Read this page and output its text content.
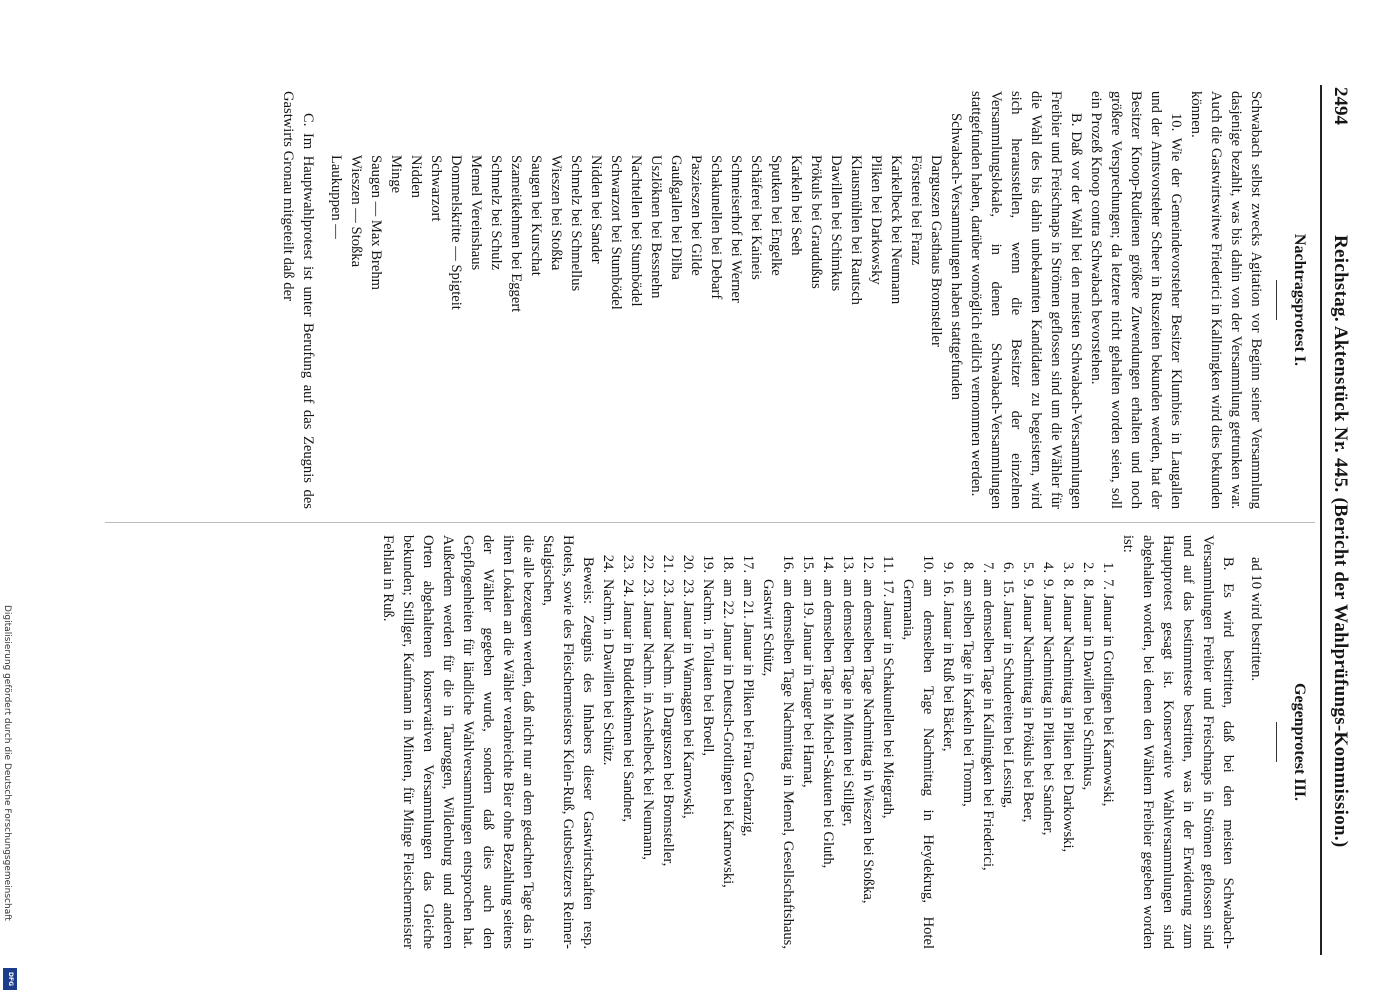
2494
Reichstag. Aktenstück Nr. 445. (Bericht der Wahlprüfungs-Kommission.)
Nachtragsprotest I.

Schwabach selbst zwecks Agitation vor Beginn seiner Versammlung dasjenige bezahlt, was bis dahin von der Versammlung getrunken war. Auch die Gastwirtswitwe Friederici in Kallningken wird dies bekunden können.

10. Wie der Gemeindevorsteher Besitzer Klumbies in Laugallen und der Amtsvorsteher Scheer in Ruszeiten bekunden werden, hat der Besitzer Knoop-Rudienen größere Zuwendungen erhalten und noch größere Versprechungen; da letztere nicht gehalten worden seien, soll ein Prozeß Knoop contra Schwabach bevorstehen.

B. Daß vor der Wahl bei den meisten Schwabach-Versammlungen Freibier und Freischnaps in Strömen geflossen sind um die Wähler für die Wahl des bis dahin unbekannten Kandidaten zu begeistern, wird sich herausstellen, wenn die Besitzer der einzelnen Versammlungslokale, in denen Schwabach-Versammlungen stattgefunden haben, darüber womöglich eidlich vernommen werden.

Schwabach-Versammlungen haben stattgefunden

Darguszen Gasthaus Bromsteller
Försterei bei Franz
Karkelbeck bei Neumann
Pliken bei Darkowsky
Klausmühlen bei Rautsch
Dawillen bei Schimkus
Prökuls bei Graudußus
Karkeln bei Seeh
Sputken bei Engelke
Schäferei bei Kaineis
Schmeiserhof bei Werner
Schakunellen bei Debarf
Paszieszen bei Gilde
Gaußgallen bei Dilba
Uszlöknen bei Bessnehn
Nachtellen bei Stumbödel
Schwarzort bei Stumbödel
Nidden bei Sander
Schmelz bei Schmellus
Wieszen bei Stoßka
Saugen bei Kurschat
Szameitkehmen bei Eggert
Schmelz bei Schulz
Memel Vereinshaus
Dommelskritte — Spigteit
Schwarzort
Nidden
Minge
Saugen — Max Brehm
Wieszen — Stoßka
Laukuppen —

C. Im Hauptwahlprotest ist unter Berufung auf das Zeugnis des Gastwirts Gronau mitgeteilt daß der

Gegenprotest III.

ad 10 wird bestritten.

B. Es wird bestritten, daß bei den meisten Schwabach-Versammlungen Freibier und Freischnaps in Strömen geflossen sind und auf das bestimmteste bestritten, was in der Erwiderung zum Hauptprotest gesagt ist. Konservative Wahlversammlungen sind abgehalten worden, bei denen den Wählern Freibier gegeben worden ist:

1.
7. Januar in Grotlingen bei Karnowski,
2.
8. Januar in Dawillen bei Schimkus,
3.
8. Januar Nachmittag in Pliken bei Darkowski,
4.
9. Januar Nachmittag in Pliken bei Sandner,
5.
9. Januar Nachmittag in Prökuls bei Beer,
6.
15. Januar in Schudereiten bei Lessing,
7.
am demselben Tage in Kallningken bei Friederici,
8.
am selben Tage in Karkeln bei Tromm,
9.
16. Januar in Ruß bei Bäcker,
10.
am demselben Tage Nachmittag in Heydekrug, Hotel Germania,
11.
17. Januar in Schakunellen bei Miegrath,
12.
am demselben Tage Nachmittag in Wieszen bei Stoßka,
13.
am demselben Tage in Minten bei Stillger,
14.
am demselben Tage in Michel-Sakuten bei Gluth,
15.
am 19. Januar in Tauger bei Harnat,
16.
am demselben Tage Nachmittag in Memel, Gesellschaftshaus, Gastwirt Schütz,
17.
am 21. Januar in Pliken bei Frau Gebranzig,
18.
am 22. Januar in Deutsch-Grotlingen bei Karnowski,
19.
Nachm. in Tollaten bei Broell,
20.
23. Januar in Wannaggen bei Karnowski,
21.
23. Januar Nachm. in Darguszen bei Bromsteller,
22.
23. Januar Nachm. in Aschelbeck bei Neumann,
23.
24. Januar in Buddelkehmen bei Sandner,
24.
Nachm. in Dawillen bei Schütz.

Beweis: Zeugnis des Inhabers dieser Gastwirtschaften resp. Hotels, sowie des Fleischermeisters Klein-Ruß, Gutsbesitzers Reimer-Stalgischen,

die alle bezeugen werden, daß nicht nur an dem gedachten Tage das in ihren Lokalen an die Wähler verabreichte Bier ohne Bezahlung seitens der Wähler gegeben wurde, sondern daß dies auch den Gepflogenheiten für ländliche Wahlversammlungen entsprochen hat. Außerdem werden für die in Tauroggen, Wildenburg und anderen Orten abgehaltenen konservativen Versammlungen das Gleiche bekunden; Stillger, Kaufmann in Minten, für Minge Fleischermeister Fehlau in Ruß.

Digitalisierung gefördert durch die Deutsche Forschungsgemeinschaft
DFG
